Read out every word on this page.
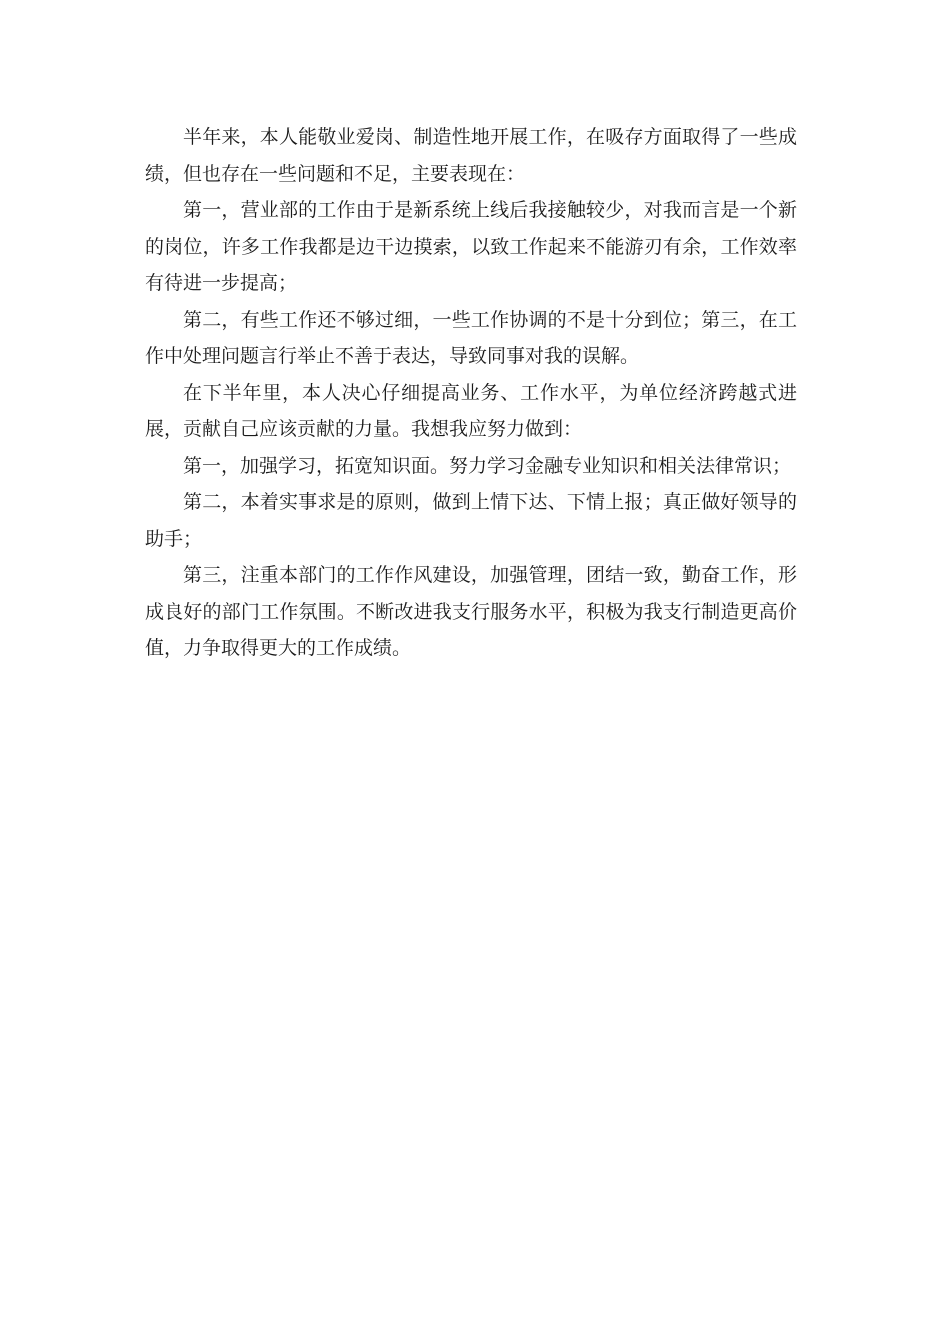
半年来，本人能敬业爱岗、制造性地开展工作，在吸存方面取得了一些成绩，但也存在一些问题和不足，主要表现在：

第一，营业部的工作由于是新系统上线后我接触较少，对我而言是一个新的岗位，许多工作我都是边干边摸索，以致工作起来不能游刃有余，工作效率有待进一步提高；

第二，有些工作还不够过细，一些工作协调的不是十分到位；第三，在工作中处理问题言行举止不善于表达，导致同事对我的误解。

在下半年里，本人决心仔细提高业务、工作水平，为单位经济跨越式进展，贡献自己应该贡献的力量。我想我应努力做到：

第一，加强学习，拓宽知识面。努力学习金融专业知识和相关法律常识；

第二，本着实事求是的原则，做到上情下达、下情上报；真正做好领导的助手；

第三，注重本部门的工作作风建设，加强管理，团结一致，勤奋工作，形成良好的部门工作氛围。不断改进我支行服务水平，积极为我支行制造更高价值，力争取得更大的工作成绩。
